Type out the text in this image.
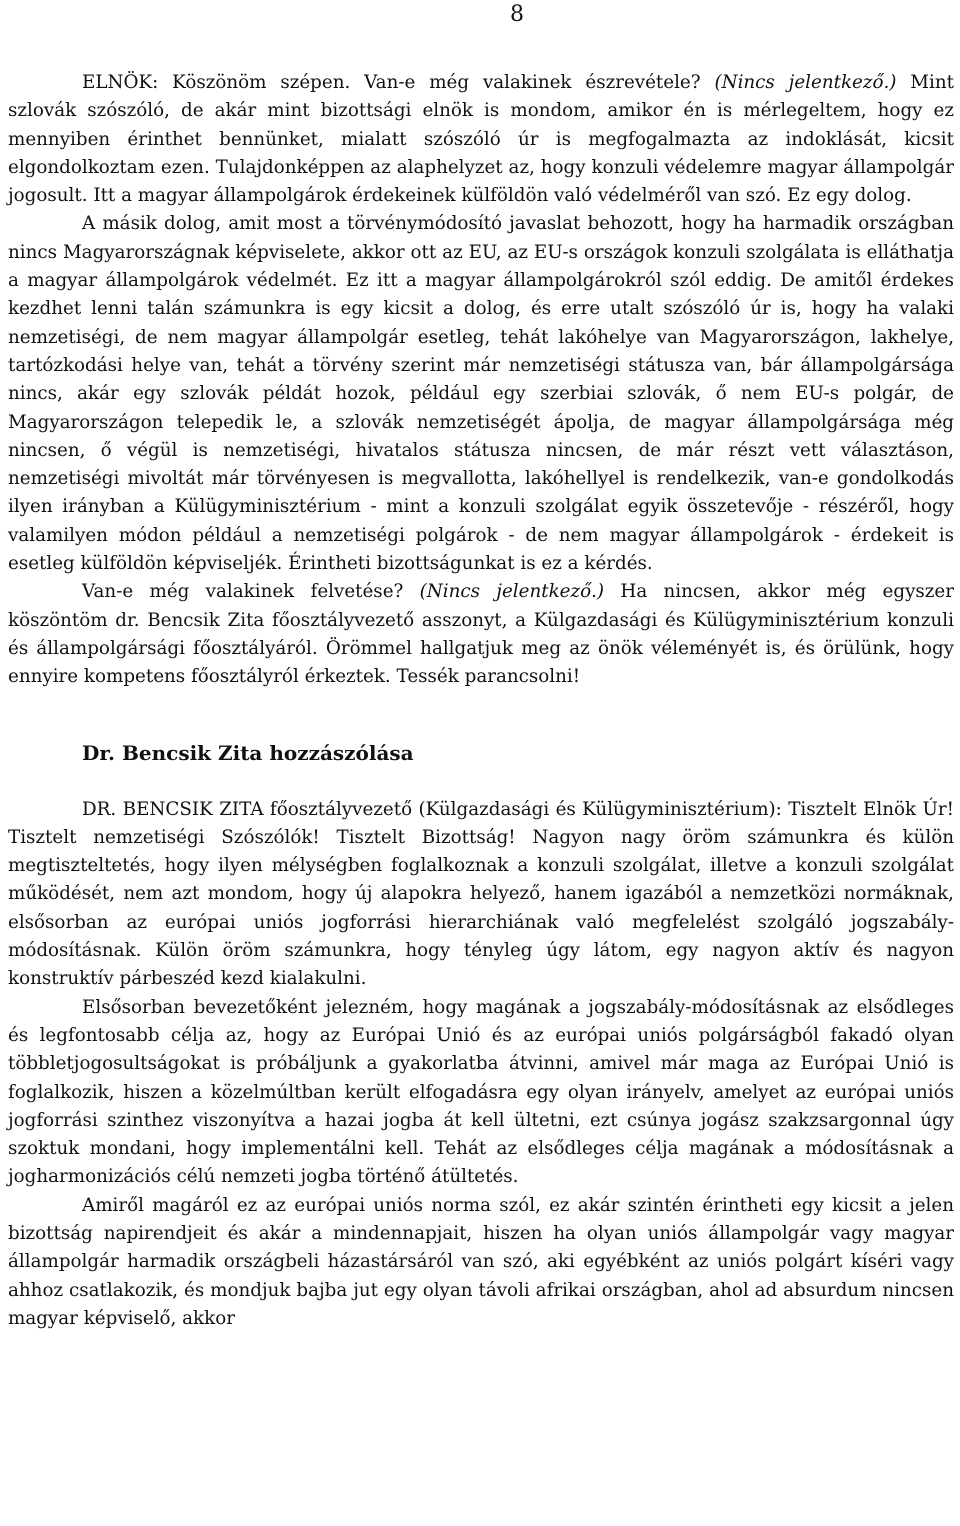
8

ELNÖK: Köszönöm szépen. Van-e még valakinek észrevétele? (Nincs jelentkező.) Mint szlovák szószóló, de akár mint bizottsági elnök is mondom, amikor én is mérlegeltem, hogy ez mennyiben érinthet bennünket, mialatt szószóló úr is megfogalmazta az indoklását, kicsit elgondolkoztam ezen. Tulajdonképpen az alaphelyzet az, hogy konzuli védelemre magyar állampolgár jogosult. Itt a magyar állampolgárok érdekeinek külföldön való védelméről van szó. Ez egy dolog.

A másik dolog, amit most a törvénymódosító javaslat behozott, hogy ha harmadik országban nincs Magyarországnak képviselete, akkor ott az EU, az EU-s országok konzuli szolgálata is elláthatja a magyar állampolgárok védelmét. Ez itt a magyar állampolgárokról szól eddig. De amitől érdekes kezdhet lenni talán számunkra is egy kicsit a dolog, és erre utalt szószóló úr is, hogy ha valaki nemzetiségi, de nem magyar állampolgár esetleg, tehát lakóhelye van Magyarországon, lakhelye, tartózkodási helye van, tehát a törvény szerint már nemzetiségi státusza van, bár állampolgársága nincs, akár egy szlovák példát hozok, például egy szerbiai szlovák, ő nem EU-s polgár, de Magyarországon telepedik le, a szlovák nemzetiségét ápolja, de magyar állampolgársága még nincsen, ő végül is nemzetiségi, hivatalos státusza nincsen, de már részt vett választáson, nemzetiségi mivoltát már törvényesen is megvallotta, lakóhellyel is rendelkezik, van-e gondolkodás ilyen irányban a Külügyminisztérium - mint a konzuli szolgálat egyik összetevője - részéről, hogy valamilyen módon például a nemzetiségi polgárok - de nem magyar állampolgárok - érdekeit is esetleg külföldön képviseljék. Érintheti bizottságunkat is ez a kérdés.

Van-e még valakinek felvetése? (Nincs jelentkező.) Ha nincsen, akkor még egyszer köszöntöm dr. Bencsik Zita főosztályvezető asszonyt, a Külgazdasági és Külügyminisztérium konzuli és állampolgársági főosztályáról. Örömmel hallgatjuk meg az önök véleményét is, és örülünk, hogy ennyire kompetens főosztályról érkeztek. Tessék parancsolni!

Dr. Bencsik Zita hozzászólása

DR. BENCSIK ZITA főosztályvezető (Külgazdasági és Külügyminisztérium): Tisztelt Elnök Úr! Tisztelt nemzetiségi Szószólók! Tisztelt Bizottság! Nagyon nagy öröm számunkra és külön megtiszteltetés, hogy ilyen mélységben foglalkoznak a konzuli szolgálat, illetve a konzuli szolgálat működését, nem azt mondom, hogy új alapokra helyező, hanem igazából a nemzetközi normáknak, elsősorban az európai uniós jogforrási hierarchiának való megfelelést szolgáló jogszabály-módosításnak. Külön öröm számunkra, hogy tényleg úgy látom, egy nagyon aktív és nagyon konstruktív párbeszéd kezd kialakulni.

Elsősorban bevezetőként jelezném, hogy magának a jogszabály-módosításnak az elsődleges és legfontosabb célja az, hogy az Európai Unió és az európai uniós polgárságból fakadó olyan többletjogosultságokat is próbáljunk a gyakorlatba átvinni, amivel már maga az Európai Unió is foglalkozik, hiszen a közelmúltban került elfogadásra egy olyan irányelv, amelyet az európai uniós jogforrási szinthez viszonyítva a hazai jogba át kell ültetni, ezt csúnya jogász szakzsargonnal úgy szoktuk mondani, hogy implementálni kell. Tehát az elsődleges célja magának a módosításnak a jogharmonizációs célú nemzeti jogba történő átültetés.

Amiről magáról ez az európai uniós norma szól, ez akár szintén érintheti egy kicsit a jelen bizottság napirendjeit és akár a mindennapjait, hiszen ha olyan uniós állampolgár vagy magyar állampolgár harmadik országbeli házastársáról van szó, aki egyébként az uniós polgárt kíséri vagy ahhoz csatlakozik, és mondjuk bajba jut egy olyan távoli afrikai országban, ahol ad absurdum nincsen magyar képviselő, akkor
